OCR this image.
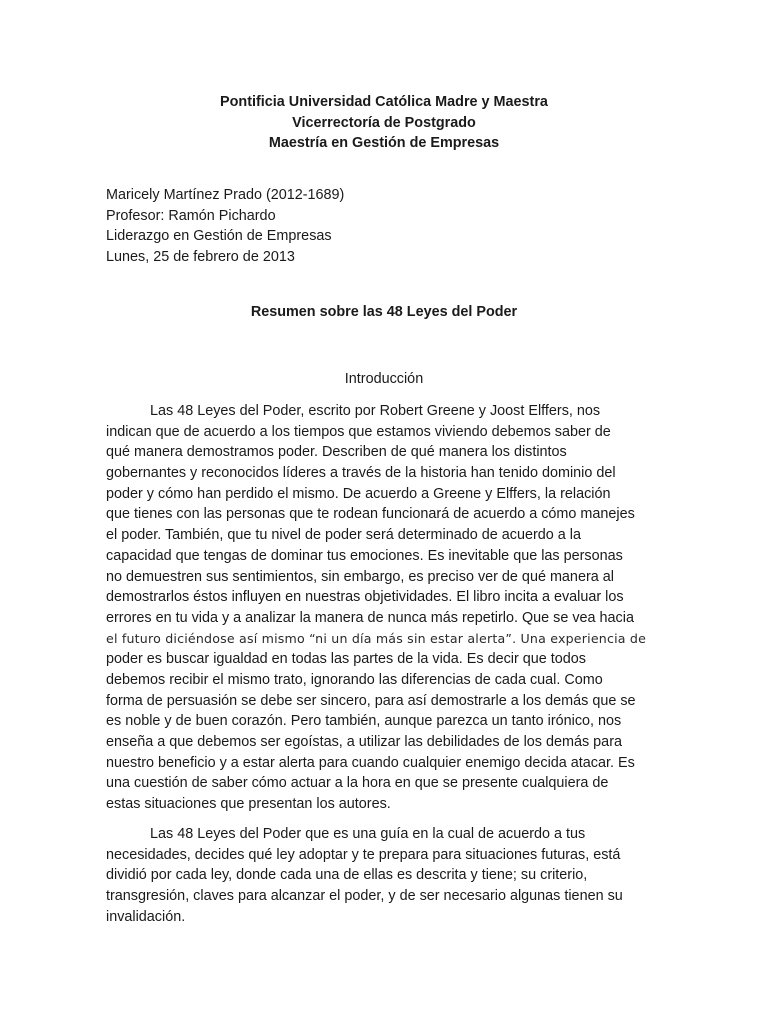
Pontificia Universidad Católica Madre y Maestra
Vicerrectoría de Postgrado
Maestría en Gestión de Empresas
Maricely Martínez Prado (2012-1689)
Profesor: Ramón Pichardo
Liderazgo en Gestión de Empresas
Lunes, 25 de febrero de 2013
Resumen sobre las 48 Leyes del Poder
Introducción
Las 48 Leyes del Poder, escrito por Robert Greene y Joost Elffers, nos
indican que de acuerdo a los tiempos que estamos viviendo debemos saber de
qué manera demostramos poder. Describen de qué manera los distintos
gobernantes y reconocidos líderes a través de la historia han tenido dominio del
poder y cómo han perdido el mismo. De acuerdo a Greene y Elffers, la relación
que tienes con las personas que te rodean funcionará de acuerdo a cómo manejes
el poder. También, que tu nivel de poder será determinado de acuerdo a la
capacidad que tengas de dominar tus emociones. Es inevitable que las personas
no demuestren sus sentimientos, sin embargo, es preciso ver de qué manera al
demostrarlos éstos influyen en nuestras objetividades. El libro incita a evaluar los
errores en tu vida y a analizar la manera de nunca más repetirlo. Que se vea hacia
el futuro diciéndose así mismo “ni un día más sin estar alerta”. Una experiencia de
poder es buscar igualdad en todas las partes de la vida. Es decir que todos
debemos recibir el mismo trato, ignorando las diferencias de cada cual. Como
forma de persuasión se debe ser sincero, para así demostrarle a los demás que se
es noble y de buen corazón. Pero también, aunque parezca un tanto irónico, nos
enseña a que debemos ser egoístas, a utilizar las debilidades de los demás para
nuestro beneficio y a estar alerta para cuando cualquier enemigo decida atacar. Es
una cuestión de saber cómo actuar a la hora en que se presente cualquiera de
estas situaciones que presentan los autores.
Las 48 Leyes del Poder que es una guía en la cual de acuerdo a tus
necesidades, decides qué ley adoptar y te prepara para situaciones futuras, está
dividió por cada ley, donde cada una de ellas es descrita y tiene; su criterio,
transgresión, claves para alcanzar el poder, y de ser necesario algunas tienen su
invalidación.
